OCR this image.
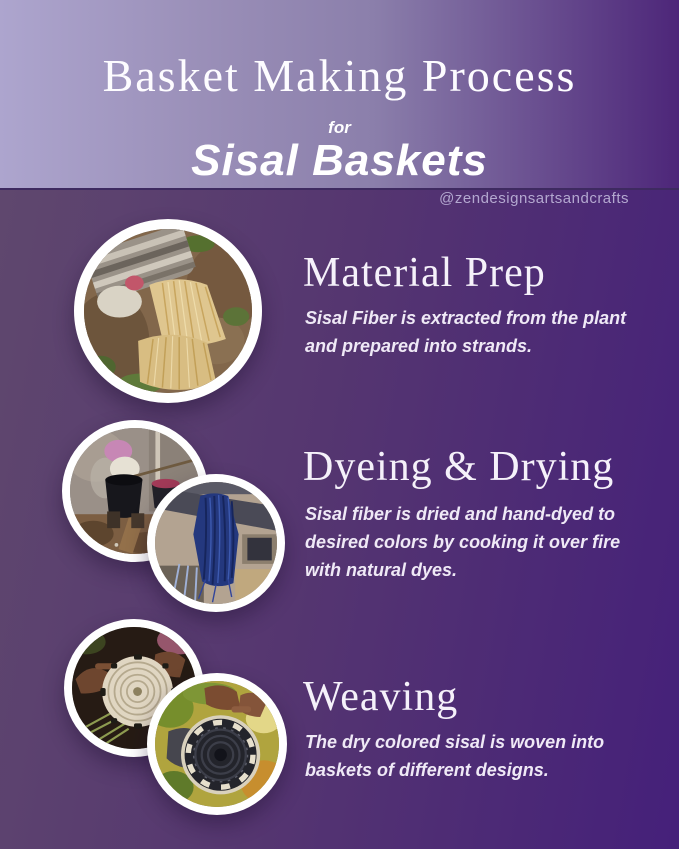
Basket Making Process
for
Sisal Baskets
@zendesignsartsandcrafts
Material Prep
Sisal Fiber is extracted from the plant and prepared into strands.
Dyeing & Drying
Sisal fiber is dried and hand-dyed to desired colors by cooking it over fire with natural dyes.
Weaving
The dry colored sisal is woven into baskets of different designs.
